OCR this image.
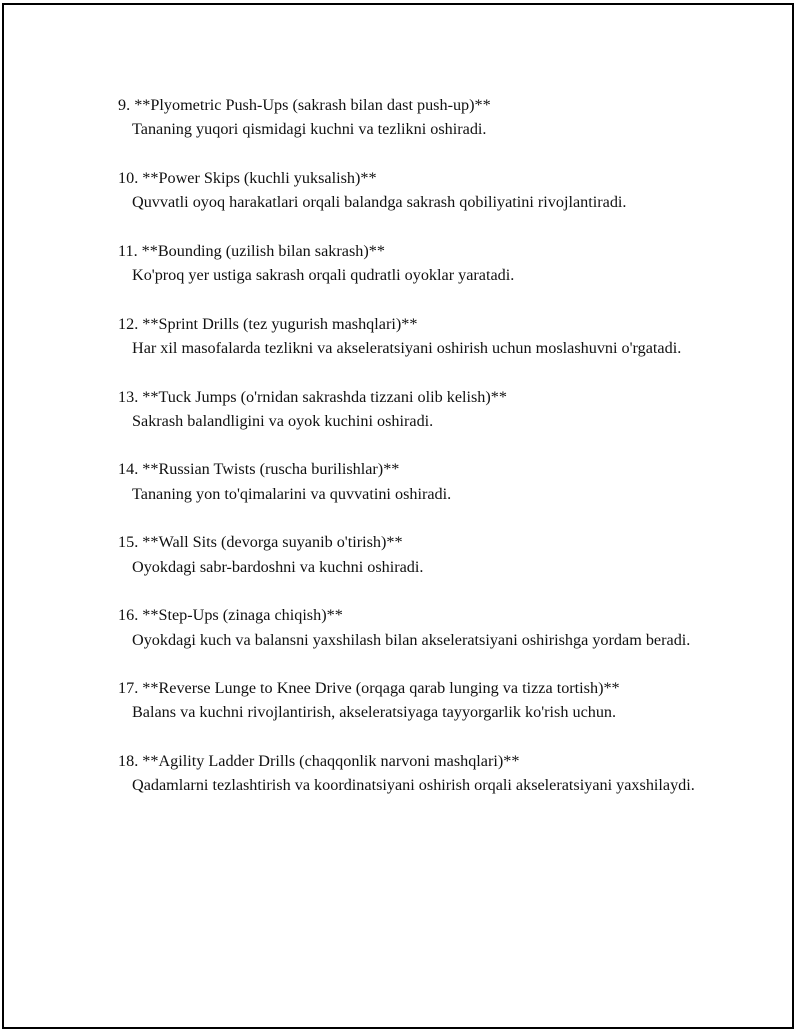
9. **Plyometric Push-Ups (sakrash bilan dast push-up)**
Tananing yuqori qismidagi kuchni va tezlikni oshiradi.
10. **Power Skips (kuchli yuksalish)**
Quvvatli oyoq harakatlari orqali balandga sakrash qobiliyatini rivojlantiradi.
11. **Bounding (uzilish bilan sakrash)**
Ko'proq yer ustiga sakrash orqali qudratli oyoklar yaratadi.
12. **Sprint Drills (tez yugurish mashqlari)**
Har xil masofalarda tezlikni va akseleratsiyani oshirish uchun moslashuvni o'rgatadi.
13. **Tuck Jumps (o'rnidan sakrashda tizzani olib kelish)**
Sakrash balandligini va oyok kuchini oshiradi.
14. **Russian Twists (ruscha burilishlar)**
Tananing yon to'qimalarini va quvvatini oshiradi.
15. **Wall Sits (devorga suyanib o'tirish)**
Oyokdagi sabr-bardoshni va kuchni oshiradi.
16. **Step-Ups (zinaga chiqish)**
Oyokdagi kuch va balansni yaxshilash bilan akseleratsiyani oshirishga yordam beradi.
17. **Reverse Lunge to Knee Drive (orqaga qarab lunging va tizza tortish)**
Balans va kuchni rivojlantirish, akseleratsiyaga tayyorgarlik ko'rish uchun.
18. **Agility Ladder Drills (chaqqonlik narvoni mashqlari)**
Qadamlarni tezlashtirish va koordinatsiyani oshirish orqali akseleratsiyani yaxshilaydi.
